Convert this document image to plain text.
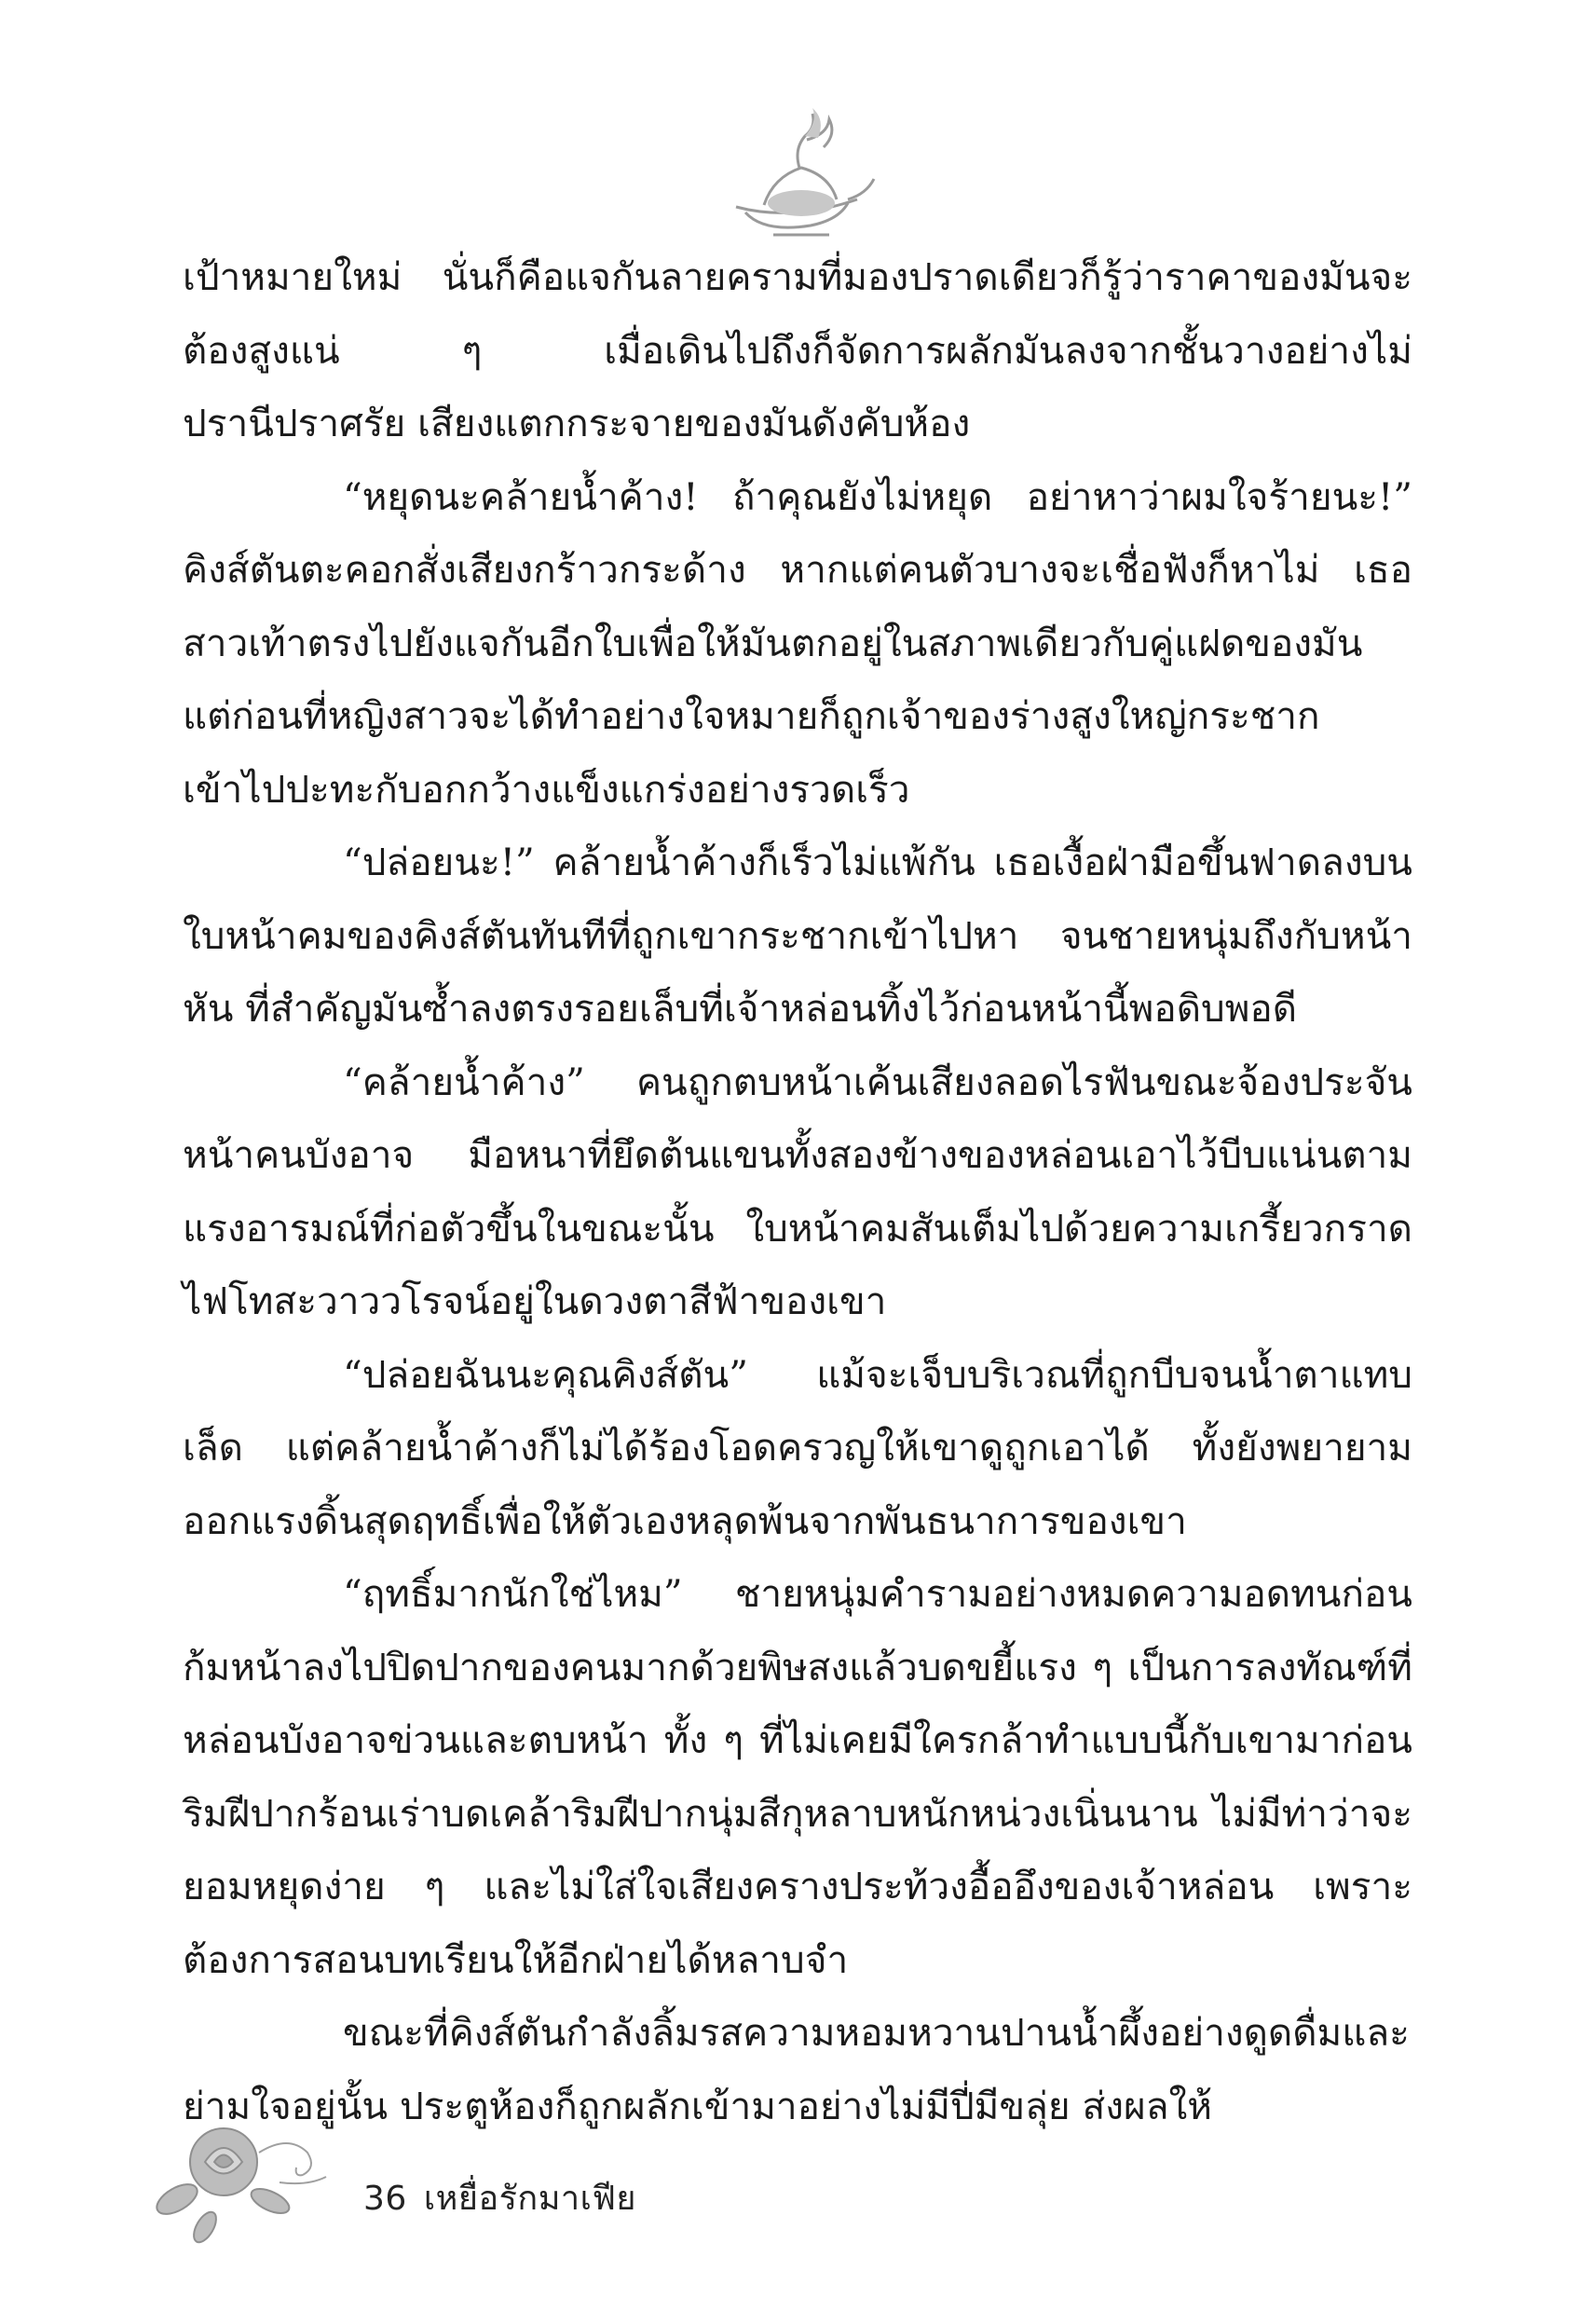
เป้าหมายใหม่ นั่นก็คือแจกันลายครามที่มองปราดเดียวก็รู้ว่าราคาของมันจะต้องสูงแน่ ๆ เมื่อเดินไปถึงก็จัดการผลักมันลงจากชั้นวางอย่างไม่ปรานีปราศรัย เสียงแตกกระจายของมันดังคับห้อง

“หยุดนะคล้ายน้ำค้าง! ถ้าคุณยังไม่หยุด อย่าหาว่าผมใจร้ายนะ!” คิงส์ตันตะคอกสั่งเสียงกร้าวกระด้าง หากแต่คนตัวบางจะเชื่อฟังก็หาไม่ เธอสาวเท้าตรงไปยังแจกันอีกใบเพื่อให้มันตกอยู่ในสภาพเดียวกับคู่แฝดของมัน แต่ก่อนที่หญิงสาวจะได้ทำอย่างใจหมายก็ถูกเจ้าของร่างสูงใหญ่กระชากเข้าไปปะทะกับอกกว้างแข็งแกร่งอย่างรวดเร็ว

“ปล่อยนะ!” คล้ายน้ำค้างก็เร็วไม่แพ้กัน เธอเงื้อฝ่ามือขึ้นฟาดลงบนใบหน้าคมของคิงส์ตันทันทีที่ถูกเขากระชากเข้าไปหา จนชายหนุ่มถึงกับหน้าหัน ที่สำคัญมันซ้ำลงตรงรอยเล็บที่เจ้าหล่อนทิ้งไว้ก่อนหน้านี้พอดิบพอดี

“คล้ายน้ำค้าง” คนถูกตบหน้าเค้นเสียงลอดไรฟันขณะจ้องประจันหน้าคนบังอาจ มือหนาที่ยึดต้นแขนทั้งสองข้างของหล่อนเอาไว้บีบแน่นตามแรงอารมณ์ที่ก่อตัวขึ้นในขณะนั้น ใบหน้าคมสันเต็มไปด้วยความเกรี้ยวกราด ไฟโทสะวาววโรจน์อยู่ในดวงตาสีฟ้าของเขา

“ปล่อยฉันนะคุณคิงส์ตัน” แม้จะเจ็บบริเวณที่ถูกบีบจนน้ำตาแทบเล็ด แต่คล้ายน้ำค้างก็ไม่ได้ร้องโอดครวญให้เขาดูถูกเอาได้ ทั้งยังพยายามออกแรงดิ้นสุดฤทธิ์เพื่อให้ตัวเองหลุดพ้นจากพันธนาการของเขา

“ฤทธิ์มากนักใช่ไหม” ชายหนุ่มคำรามอย่างหมดความอดทนก่อนก้มหน้าลงไปปิดปากของคนมากด้วยพิษสงแล้วบดขยี้แรง ๆ เป็นการลงทัณฑ์ที่หล่อนบังอาจข่วนและตบหน้า ทั้ง ๆ ที่ไม่เคยมีใครกล้าทำแบบนี้กับเขามาก่อน ริมฝีปากร้อนเร่าบดเคล้าริมฝีปากนุ่มสีกุหลาบหนักหน่วงเนิ่นนาน ไม่มีท่าว่าจะยอมหยุดง่าย ๆ และไม่ใส่ใจเสียงครางประท้วงอื้ออึงของเจ้าหล่อน เพราะต้องการสอนบทเรียนให้อีกฝ่ายได้หลาบจำ

ขณะที่คิงส์ตันกำลังลิ้มรสความหอมหวานปานน้ำผึ้งอย่างดูดดื่มและย่ามใจอยู่นั้น ประตูห้องก็ถูกผลักเข้ามาอย่างไม่มีปี่มีขลุ่ย ส่งผลให้

36 เหยื่อรักมาเฟีย
